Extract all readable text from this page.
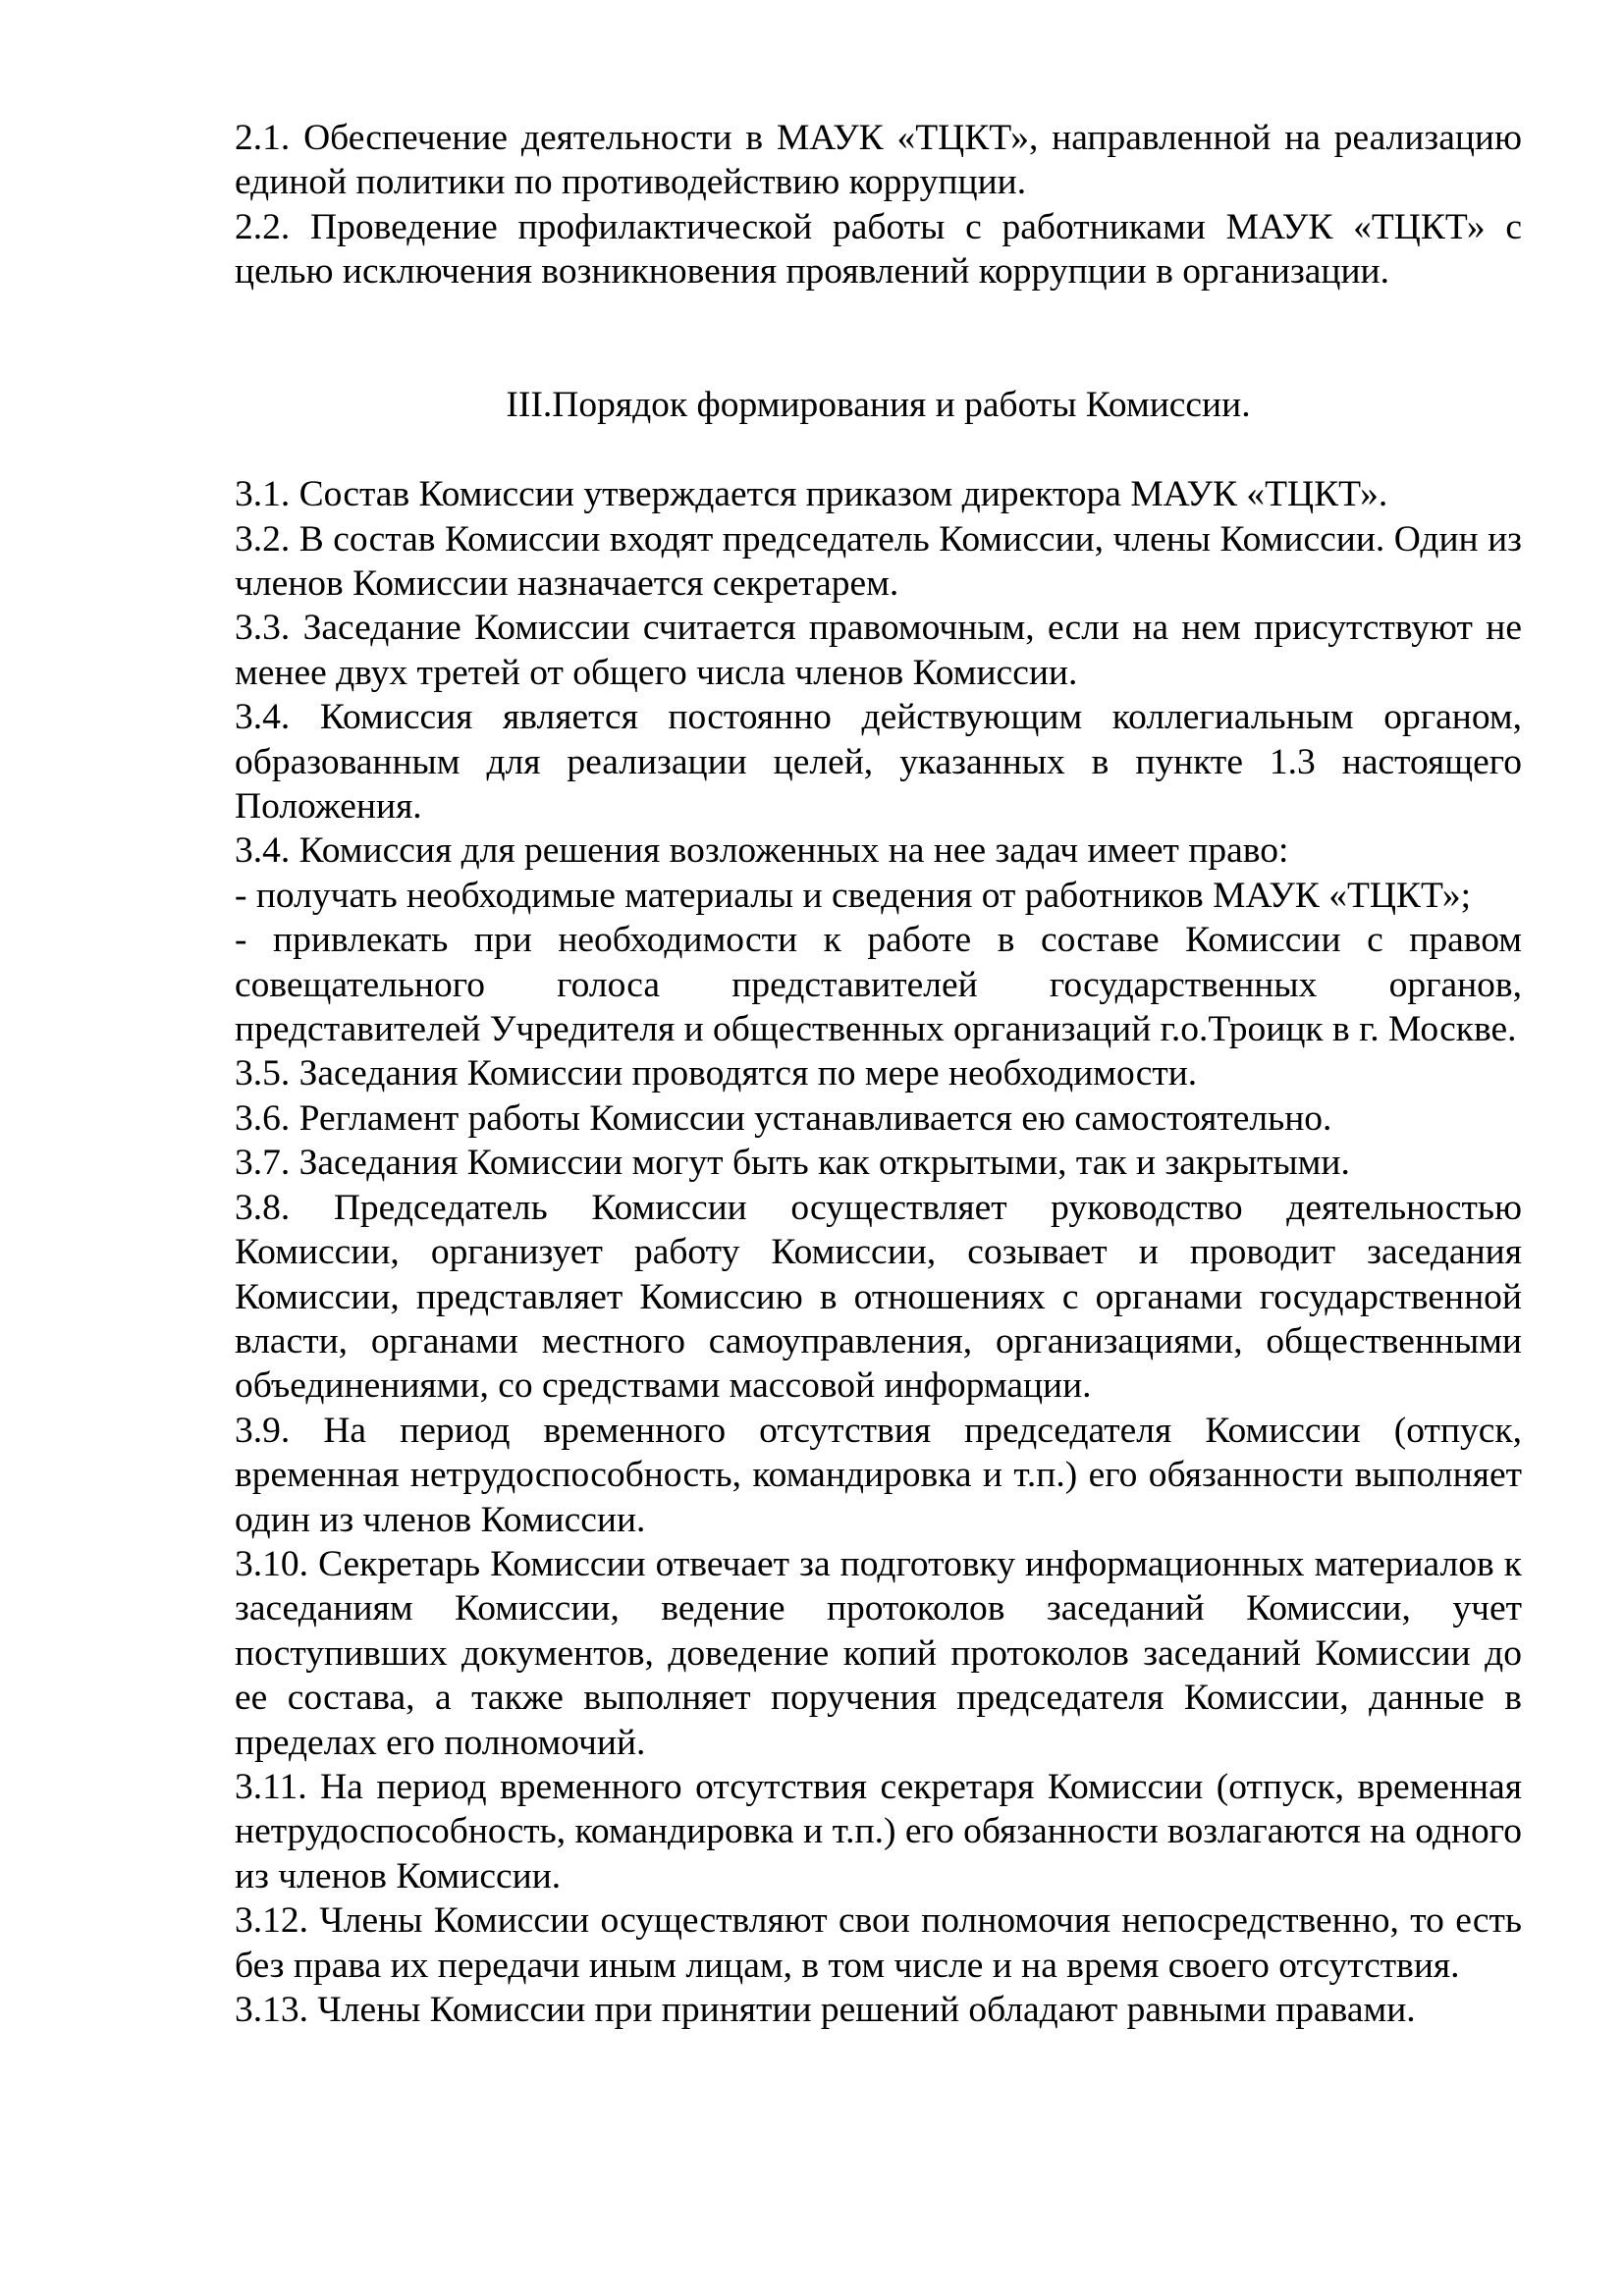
2.1. Обеспечение деятельности в МАУК «ТЦКТ», направленной на реализацию единой политики по противодействию коррупции.

2.2. Проведение профилактической работы с работниками МАУК «ТЦКТ» с целью исключения возникновения проявлений коррупции в организации.

III.Порядок формирования и работы Комиссии.

3.1. Состав Комиссии утверждается приказом директора МАУК «ТЦКТ».

3.2. В состав Комиссии входят председатель Комиссии, члены Комиссии. Один из членов Комиссии назначается секретарем.

3.3. Заседание Комиссии считается правомочным, если на нем присутствуют не менее двух третей от общего числа членов Комиссии.

3.4. Комиссия является постоянно действующим коллегиальным органом, образованным для реализации целей, указанных в пункте 1.3 настоящего Положения.

3.4. Комиссия для решения возложенных на нее задач имеет право:

- получать необходимые материалы и сведения от работников МАУК «ТЦКТ»;

- привлекать при необходимости к работе в составе Комиссии с правом совещательного голоса представителей государственных органов, представителей Учредителя и общественных организаций г.о.Троицк в г. Москве.

3.5. Заседания Комиссии проводятся по мере необходимости.

3.6. Регламент работы Комиссии устанавливается ею самостоятельно.

3.7. Заседания Комиссии могут быть как открытыми, так и закрытыми.

3.8. Председатель Комиссии осуществляет руководство деятельностью Комиссии, организует работу Комиссии, созывает и проводит заседания Комиссии, представляет Комиссию в отношениях с органами государственной власти, органами местного самоуправления, организациями, общественными объединениями, со средствами массовой информации.

3.9. На период временного отсутствия председателя Комиссии (отпуск, временная нетрудоспособность, командировка и т.п.) его обязанности выполняет один из членов Комиссии.

3.10. Секретарь Комиссии отвечает за подготовку информационных материалов к заседаниям Комиссии, ведение протоколов заседаний Комиссии, учет поступивших документов, доведение копий протоколов заседаний Комиссии до ее состава, а также выполняет поручения председателя Комиссии, данные в пределах его полномочий.

3.11. На период временного отсутствия секретаря Комиссии (отпуск, временная нетрудоспособность, командировка и т.п.) его обязанности возлагаются на одного из членов Комиссии.

3.12. Члены Комиссии осуществляют свои полномочия непосредственно, то есть без права их передачи иным лицам, в том числе и на время своего отсутствия.

3.13. Члены Комиссии при принятии решений обладают равными правами.
